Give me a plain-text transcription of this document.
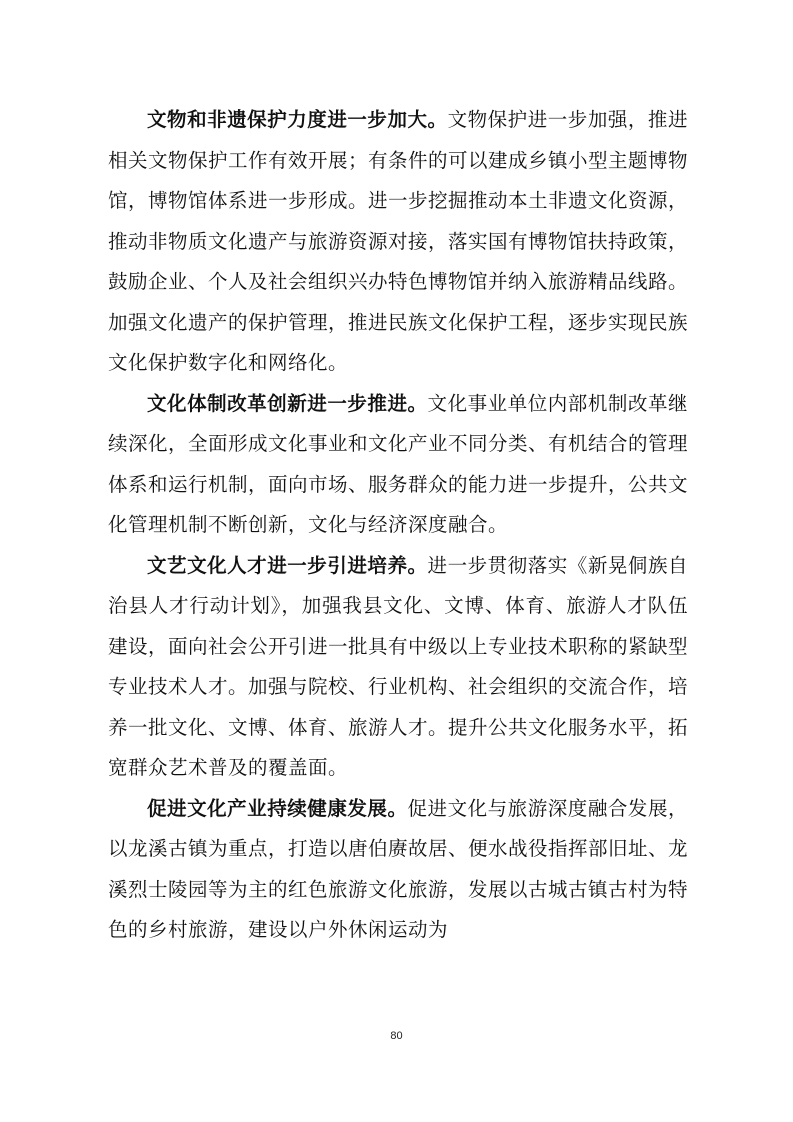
文物和非遗保护力度进一步加大。文物保护进一步加强，推进相关文物保护工作有效开展；有条件的可以建成乡镇小型主题博物馆，博物馆体系进一步形成。进一步挖掘推动本土非遗文化资源，推动非物质文化遗产与旅游资源对接，落实国有博物馆扶持政策，鼓励企业、个人及社会组织兴办特色博物馆并纳入旅游精品线路。加强文化遗产的保护管理，推进民族文化保护工程，逐步实现民族文化保护数字化和网络化。

文化体制改革创新进一步推进。文化事业单位内部机制改革继续深化，全面形成文化事业和文化产业不同分类、有机结合的管理体系和运行机制，面向市场、服务群众的能力进一步提升，公共文化管理机制不断创新，文化与经济深度融合。

文艺文化人才进一步引进培养。进一步贯彻落实《新晃侗族自治县人才行动计划》，加强我县文化、文博、体育、旅游人才队伍建设，面向社会公开引进一批具有中级以上专业技术职称的紧缺型专业技术人才。加强与院校、行业机构、社会组织的交流合作，培养一批文化、文博、体育、旅游人才。提升公共文化服务水平，拓宽群众艺术普及的覆盖面。

促进文化产业持续健康发展。促进文化与旅游深度融合发展，以龙溪古镇为重点，打造以唐伯赓故居、便水战役指挥部旧址、龙溪烈士陵园等为主的红色旅游文化旅游，发展以古城古镇古村为特色的乡村旅游，建设以户外休闲运动为

80
